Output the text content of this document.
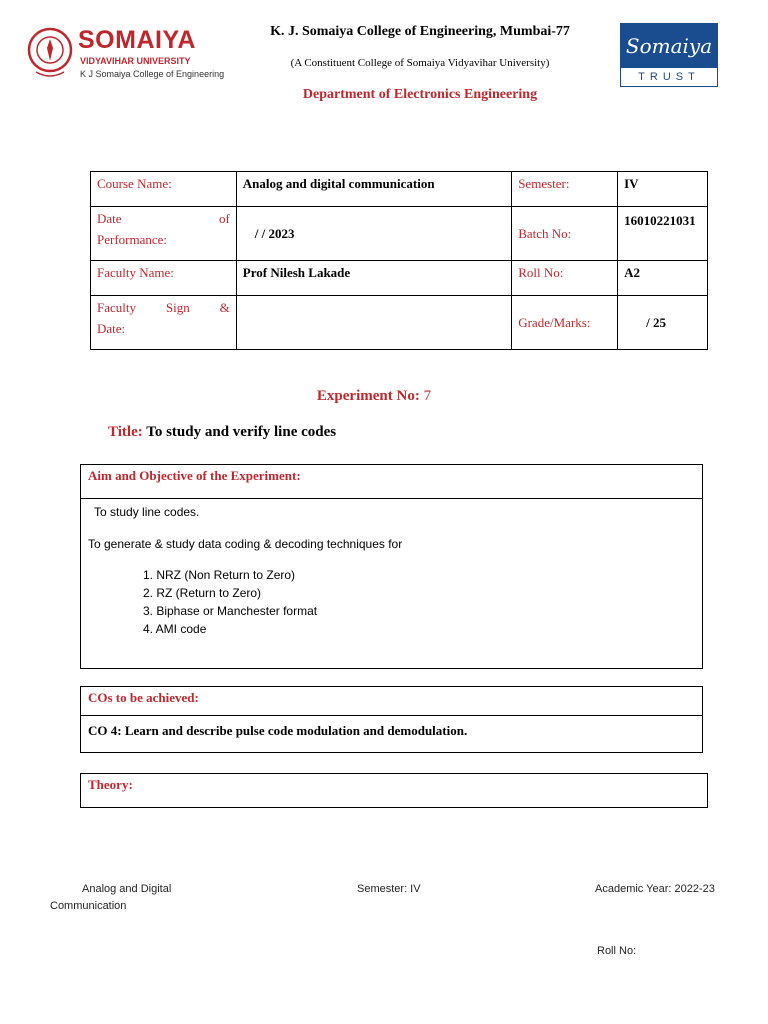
SOMAIYA
VIDYAVIHAR UNIVERSITY
K J Somaiya College of Engineering
K. J. Somaiya College of Engineering, Mumbai-77
(A Constituent College of Somaiya Vidyavihar University)
Department of Electronics Engineering
Somaiya
TRUST
Course Name:	Analog and digital communication	Semester:	IV

Date of
Performance:	/ / 2023	Batch No:	16010221031
Faculty Name:	Prof Nilesh Lakade	Roll No:	A2

Faculty Sign &
Date:		Grade/Marks:	/ 25
Experiment No: 7
Title: To study and verify line codes
Aim and Objective of the Experiment:
To study line codes.
To generate & study data coding & decoding techniques for
1. NRZ (Non Return to Zero)
2. RZ (Return to Zero)
3. Biphase or Manchester format
4. AMI code
COs to be achieved:
CO 4: Learn and describe pulse code modulation and demodulation.
Theory:
Analog and Digital
Communication
Semester: IV	Academic Year: 2022-23
Roll No:
